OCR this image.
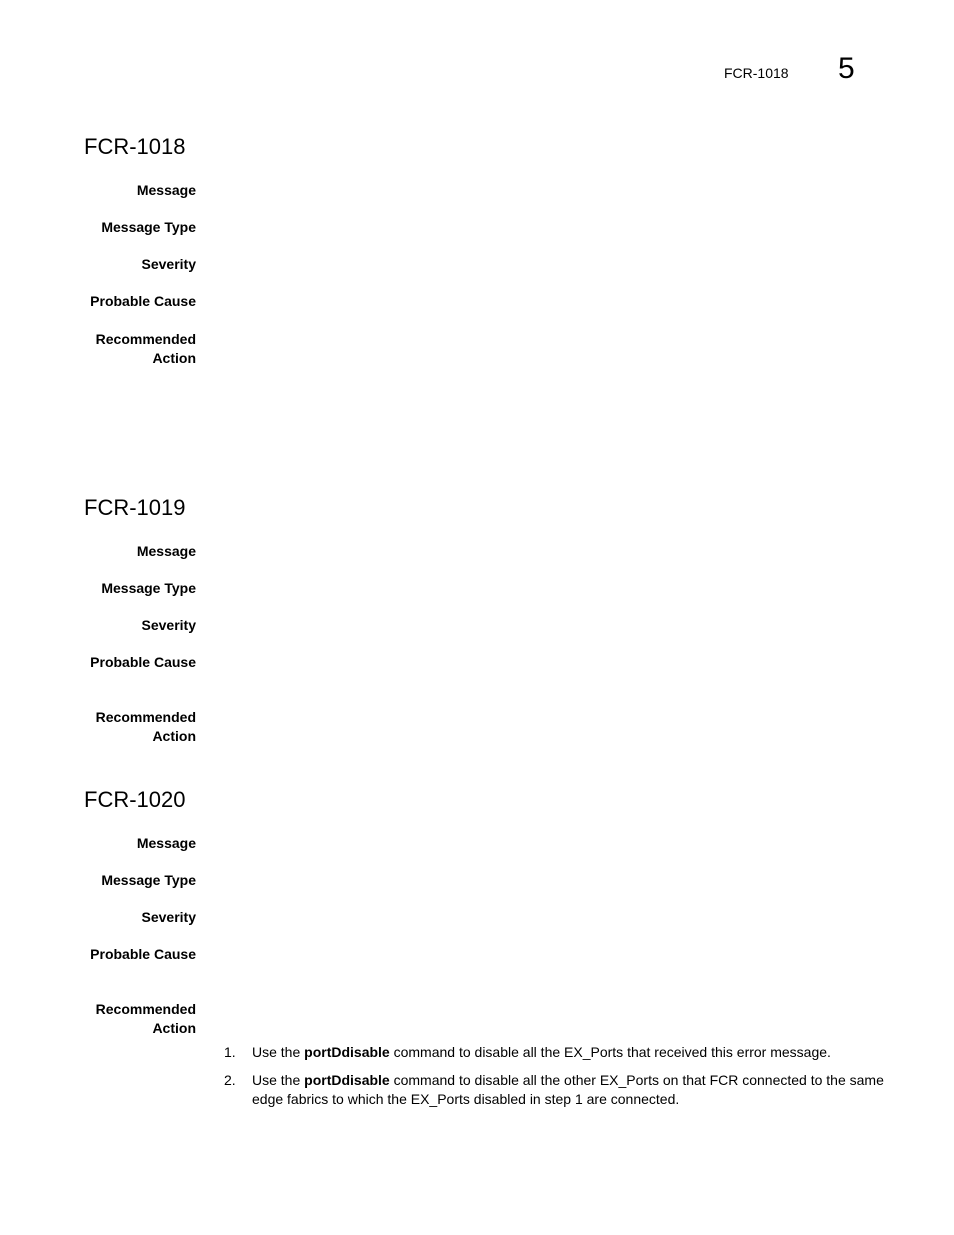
FCR-1018 5
FCR-1018
Message
Message Type
Severity
Probable Cause
Recommended
Action
FCR-1019
Message
Message Type
Severity
Probable Cause
Recommended
Action
FCR-1020
Message
Message Type
Severity
Probable Cause
Recommended
Action
1. Use the portDdisable command to disable all the EX_Ports that received this error message.
2. Use the portDdisable command to disable all the other EX_Ports on that FCR connected to the same edge fabrics to which the EX_Ports disabled in step 1 are connected.
